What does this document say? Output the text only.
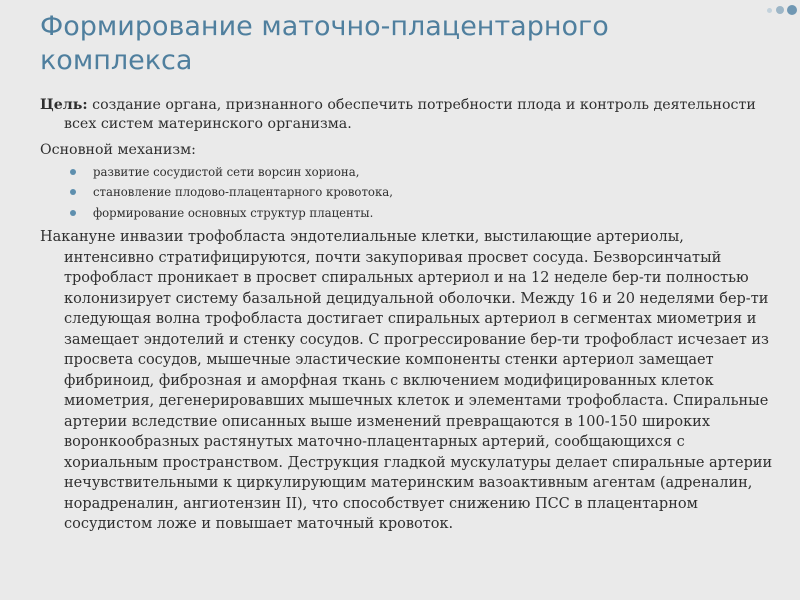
Формирование маточно-плацентарного комплекса

Цель: создание органа, признанного обеспечить потребности плода и контроль деятельности всех систем материнского организма.

Основной механизм:

развитие сосудистой сети ворсин хориона,
становление плодово-плацентарного кровотока,
формирование основных структур плаценты.

Накануне инвазии трофобласта эндотелиальные клетки, выстилающие артериолы, интенсивно стратифицируются, почти закупоривая просвет сосуда. Безворсинчатый трофобласт проникает в просвет спиральных артериол и на 12 неделе бер-ти полностью колонизирует систему базальной децидуальной оболочки. Между 16 и 20 неделями бер-ти следующая волна трофобласта достигает спиральных артериол в сегментах миометрия и замещает эндотелий и стенку сосудов. С прогрессирование бер-ти трофобласт исчезает из просвета сосудов, мышечные эластические компоненты стенки артериол замещает фибриноид, фиброзная и аморфная ткань с включением модифицированных клеток миометрия, дегенерировавших мышечных клеток и элементами трофобласта. Спиральные артерии вследствие описанных выше изменений превращаются в 100-150 широких воронкообразных растянутых маточно-плацентарных артерий, сообщающихся с хориальным пространством. Деструкция гладкой мускулатуры делает спиральные артерии нечувствительными к циркулирующим материнским вазоактивным агентам (адреналин, норадреналин, ангиотензин II), что способствует снижению ПСС в плацентарном сосудистом ложе и повышает маточный кровоток.
